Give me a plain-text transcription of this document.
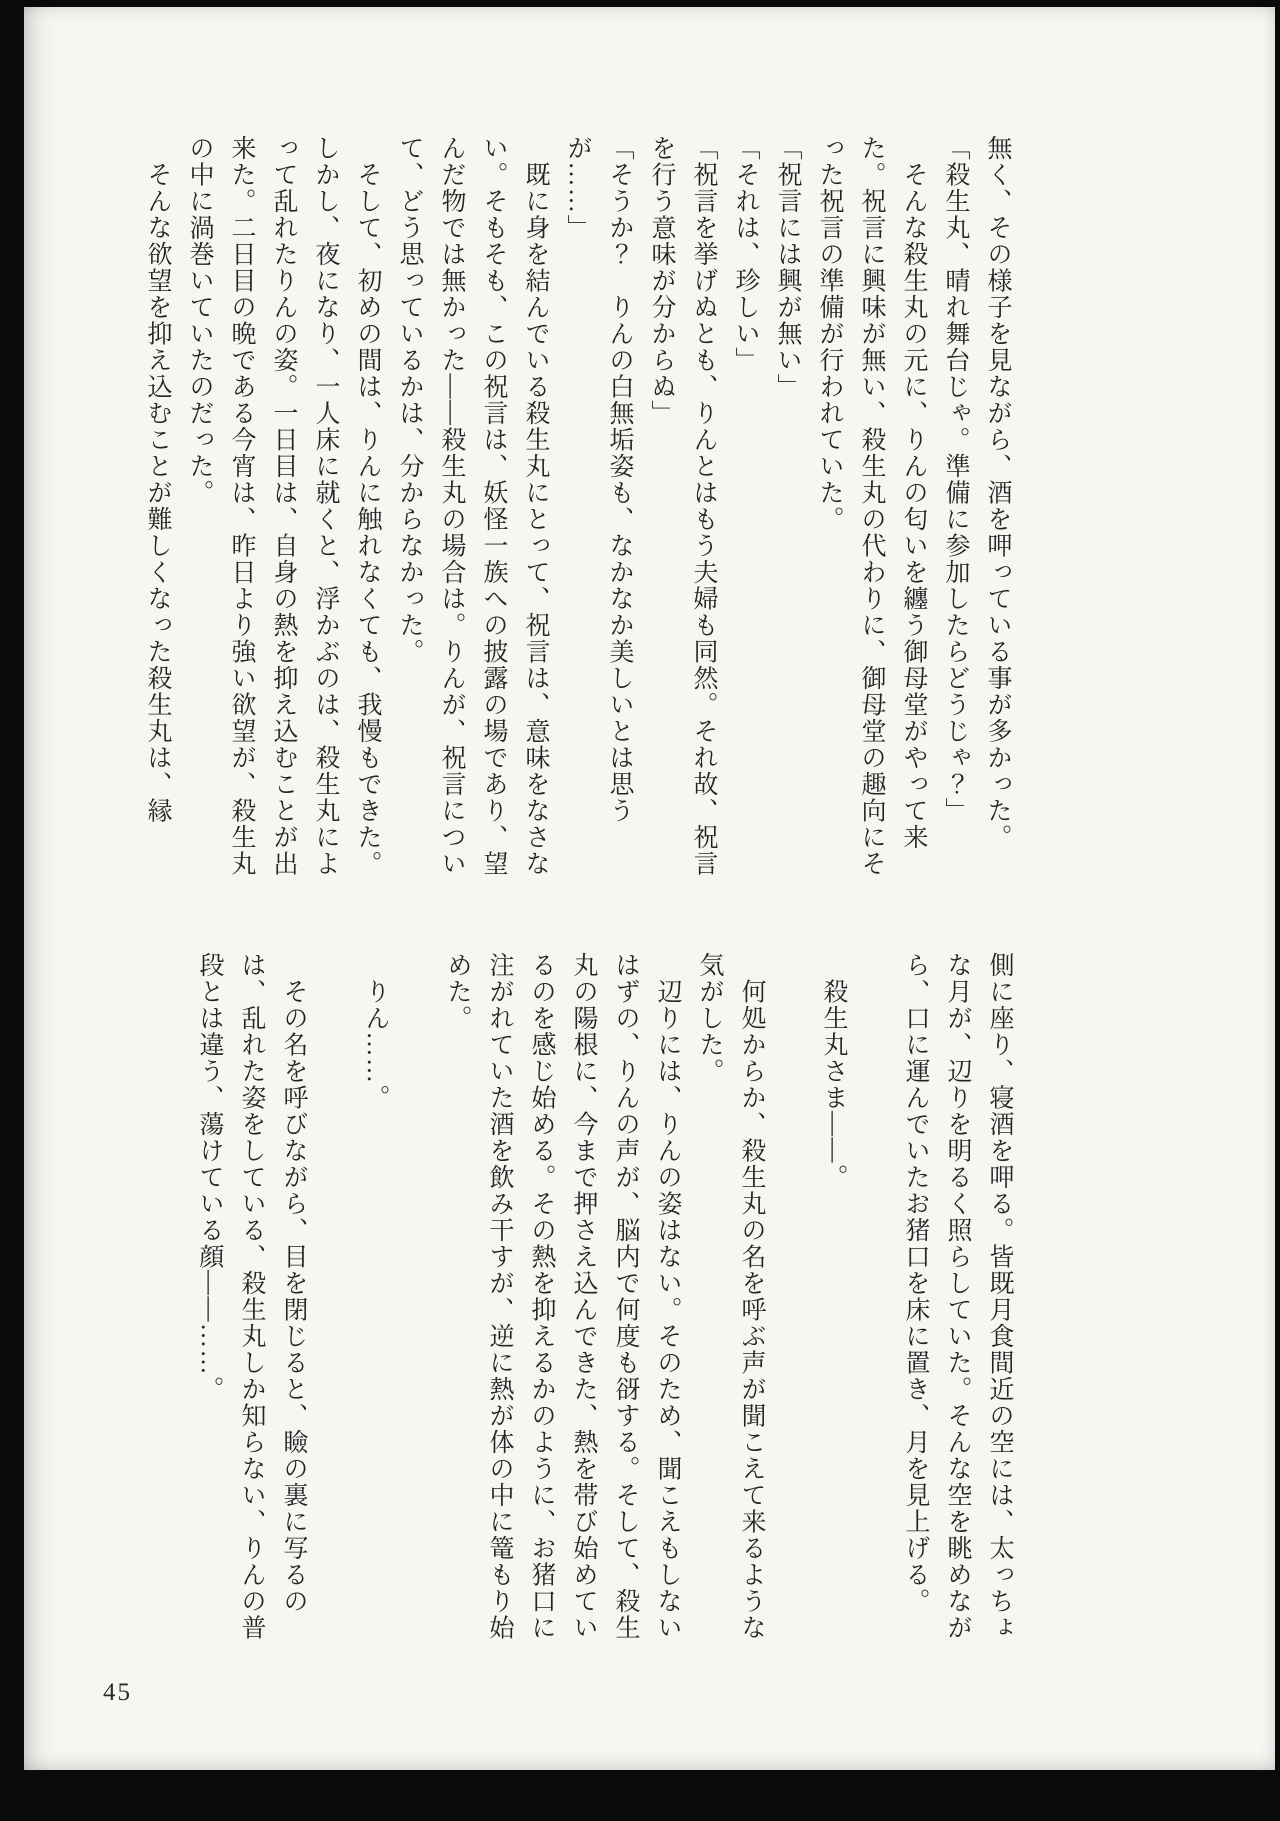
無く、その様子を見ながら、酒を呷っている事が多かった。

「殺生丸、晴れ舞台じゃ。準備に参加したらどうじゃ？」

　そんな殺生丸の元に、りんの匂いを纏う御母堂がやって来た。祝言に興味が無い、殺生丸の代わりに、御母堂の趣向にそった祝言の準備が行われていた。

「祝言には興が無い」

「それは、珍しい」

「祝言を挙げぬとも、りんとはもう夫婦も同然。それ故、祝言を行う意味が分からぬ」

「そうか？　りんの白無垢姿も、なかなか美しいとは思うが……」

　既に身を結んでいる殺生丸にとって、祝言は、意味をなさない。そもそも、この祝言は、妖怪一族への披露の場であり、望んだ物では無かった——殺生丸の場合は。りんが、祝言について、どう思っているかは、分からなかった。

　そして、初めの間は、りんに触れなくても、我慢もできた。しかし、夜になり、一人床に就くと、浮かぶのは、殺生丸によって乱れたりんの姿。一日目は、自身の熱を抑え込むことが出来た。二日目の晩である今宵は、昨日より強い欲望が、殺生丸の中に渦巻いていたのだった。

　そんな欲望を抑え込むことが難しくなった殺生丸は、縁

側に座り、寝酒を呷る。皆既月食間近の空には、太っちょな月が、辺りを明るく照らしていた。そんな空を眺めながら、口に運んでいたお猪口を床に置き、月を見上げる。

　殺生丸さま——。

　何処からか、殺生丸の名を呼ぶ声が聞こえて来るような気がした。

　辺りには、りんの姿はない。そのため、聞こえもしないはずの、りんの声が、脳内で何度も谺する。そして、殺生丸の陽根に、今まで押さえ込んできた、熱を帯び始めているのを感じ始める。その熱を抑えるかのように、お猪口に注がれていた酒を飲み干すが、逆に熱が体の中に篭もり始めた。

　りん……。

　その名を呼びながら、目を閉じると、瞼の裏に写るのは、乱れた姿をしている、殺生丸しか知らない、りんの普段とは違う、蕩けている顔——……。

45
